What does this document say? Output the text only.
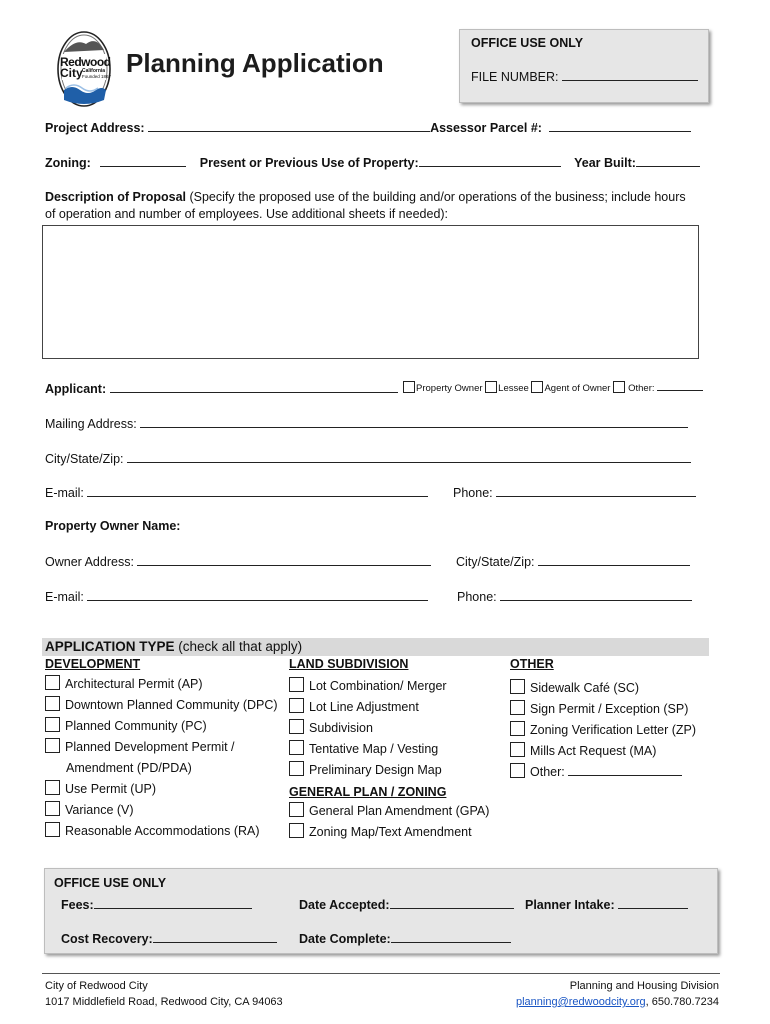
Redwood
City California
Founded 1867 Planning Application
OFFICE USE ONLY
FILE NUMBER:
Project Address:	Assessor Parcel #:
Zoning:	Present or Previous Use of Property:	Year Built:
Description of Proposal (Specify the proposed use of the building and/or operations of the business; include hours
of operation and number of employees. Use additional sheets if needed):
Applicant:	Property Owner Lessee Agent of Owner Other:
Mailing Address:
City/State/Zip:
E-mail:	Phone:
Property Owner Name:
Owner Address:	City/State/Zip:
E-mail:	Phone:
APPLICATION TYPE (check all that apply)
DEVELOPMENT
Architectural Permit (AP)
Downtown Planned Community (DPC)
Planned Community (PC)
Planned Development Permit /
Amendment (PD/PDA)
Use Permit (UP)
Variance (V)
Reasonable Accommodations (RA)
LAND SUBDIVISION
Lot Combination/ Merger
Lot Line Adjustment
Subdivision
Tentative Map / Vesting
Preliminary Design Map
GENERAL PLAN / ZONING
General Plan Amendment (GPA)
Zoning Map/Text Amendment
OTHER
Sidewalk Café (SC)
Sign Permit / Exception (SP)
Zoning Verification Letter (ZP)
Mills Act Request (MA)
Other:
OFFICE USE ONLY
Fees:	Date Accepted:	Planner Intake:
Cost Recovery:	Date Complete:
City of Redwood City
1017 Middlefield Road, Redwood City, CA 94063
Planning and Housing Division
planning@redwoodcity.org, 650.780.7234
